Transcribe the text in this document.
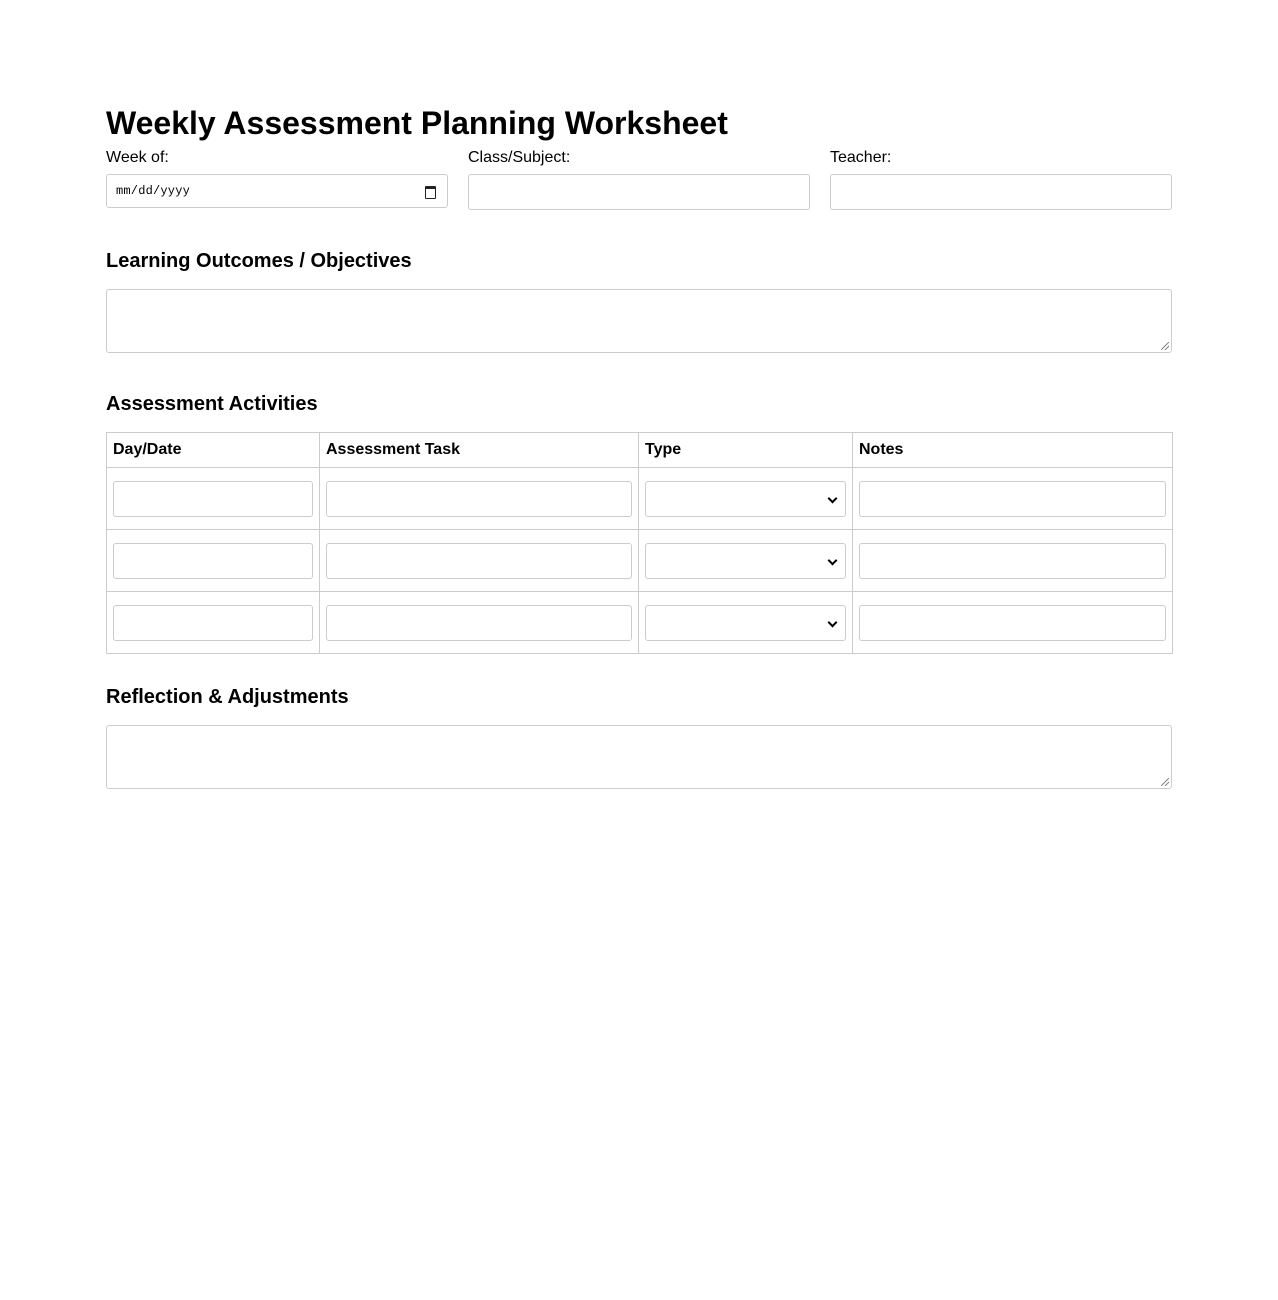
Weekly Assessment Planning Worksheet
Week of:
mm/dd/yyyy
Class/Subject:	Teacher:
Learning Outcomes / Objectives
Assessment Activities
Day/Date	Assessment Task	Type	Notes

Reflection & Adjustments
